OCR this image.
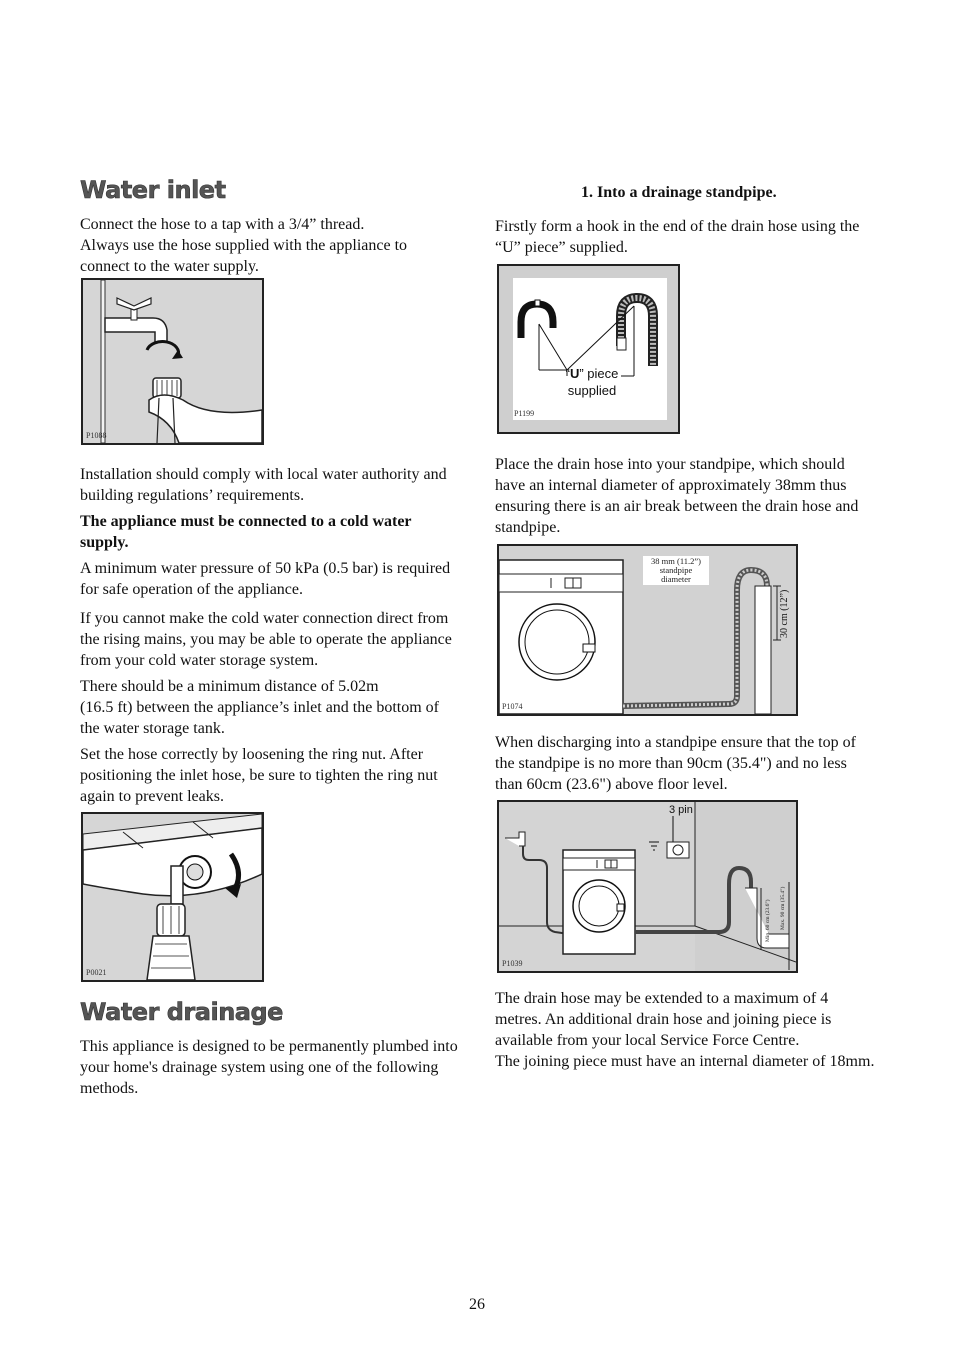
Water inlet

Connect the hose to a tap with a 3/4” thread.
Always use the hose supplied with the appliance to connect to the water supply.

P1088

Installation should comply with local water authority and building regulations’ requirements.

The appliance must be connected to a cold water supply.

A minimum water pressure of 50 kPa (0.5 bar) is required for safe operation of the appliance.

If you cannot make the cold water connection direct from the rising mains, you may be able to operate the appliance from your cold water storage system.

There should be a minimum distance of 5.02m
(16.5 ft) between the appliance’s inlet and the bottom of the water storage tank.

Set the hose correctly by loosening the ring nut. After positioning the inlet hose, be sure to tighten the ring nut again to prevent leaks.

P0021
Water drainage

This appliance is designed to be permanently plumbed into your home's drainage system using one of the following methods.

1. Into a drainage standpipe.

Firstly form a hook in the end of the drain hose using the “U” piece” supplied.

“U” piece
supplied
P1199

Place the drain hose into your standpipe, which should have an internal diameter of approximately 38mm thus ensuring there is an air break between the drain hose and standpipe.

38 mm (11.2”)
standpipe
diameter
30 cm (12”)
P1074

When discharging into a standpipe ensure that the top of the standpipe is no more than 90cm (35.4") and no less than 60cm (23.6") above floor level.

3 pin
Min. 60 cm (23.6") Max. 90 cm (35.4")
P1039

The drain hose may be extended to a maximum of 4 metres. An additional drain hose and joining piece is available from your local Service Force Centre.
The joining piece must have an internal diameter of 18mm.

26
